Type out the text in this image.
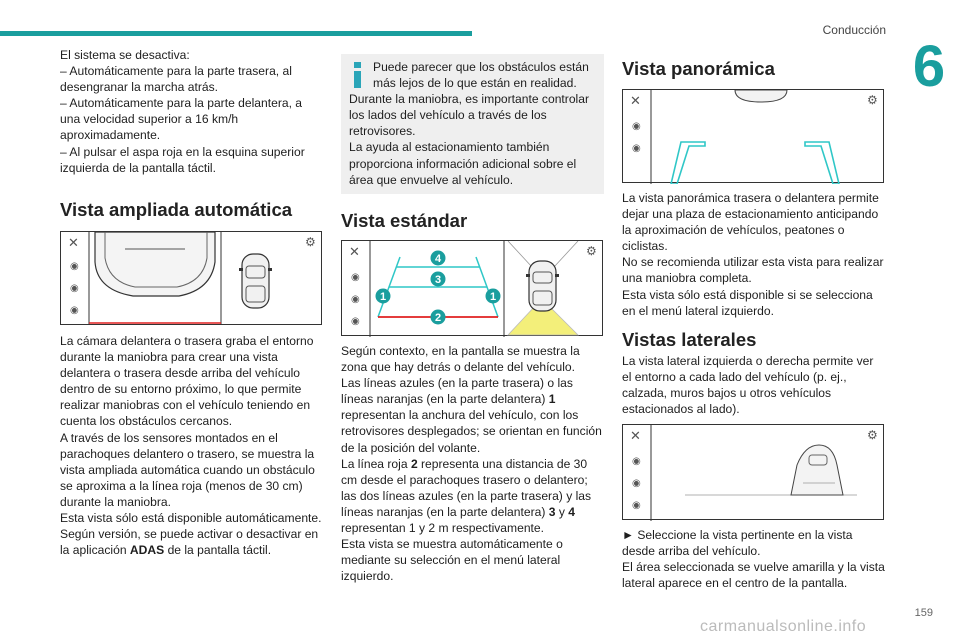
Conducción
6

El sistema se desactiva:

– Automáticamente para la parte trasera, al desengranar la marcha atrás.

– Automáticamente para la parte delantera, a una velocidad superior a 16 km/h aproximadamente.

– Al pulsar el aspa roja en la esquina superior izquierda de la pantalla táctil.

Vista ampliada automática
✕
◉
◉
◉
⚙

La cámara delantera o trasera graba el entorno durante la maniobra para crear una vista delantera o trasera desde arriba del vehículo dentro de su entorno próximo, lo que permite realizar maniobras con el vehículo teniendo en cuenta los obstáculos cercanos.

A través de los sensores montados en el parachoques delantero o trasero, se muestra la vista ampliada automática cuando un obstáculo se aproxima a la línea roja (menos de 30 cm) durante la maniobra.

Esta vista sólo está disponible automáticamente.

Según versión, se puede activar o desactivar en la aplicación ADAS de la pantalla táctil.

Puede parecer que los obstáculos están más lejos de lo que están en realidad.

Durante la maniobra, es importante controlar los lados del vehículo a través de los retrovisores.

La ayuda al estacionamiento también proporciona información adicional sobre el área que envuelve al vehículo.

Vista estándar
✕
◉
◉
◉
⚙
4
3
1	1
2

Según contexto, en la pantalla se muestra la zona que hay detrás o delante del vehículo.

Las líneas azules (en la parte trasera) o las líneas naranjas (en la parte delantera) 1 representan la anchura del vehículo, con los retrovisores desplegados; se orientan en función de la posición del volante.

La línea roja 2 representa una distancia de 30 cm desde el parachoques trasero o delantero; las dos líneas azules (en la parte trasera) y las líneas naranjas (en la parte delantera) 3 y 4 representan 1 y 2 m respectivamente.

Esta vista se muestra automáticamente o mediante su selección en el menú lateral izquierdo.

Vista panorámica
✕
◉
◉
⚙

La vista panorámica trasera o delantera permite dejar una plaza de estacionamiento anticipando la aproximación de vehículos, peatones o ciclistas.

No se recomienda utilizar esta vista para realizar una maniobra completa.

Esta vista sólo está disponible si se selecciona en el menú lateral izquierdo.

Vistas laterales

La vista lateral izquierda o derecha permite ver el entorno a cada lado del vehículo (p. ej., calzada, muros bajos u otros vehículos estacionados al lado).

✕
◉
◉
◉
⚙

► Seleccione la vista pertinente en la vista desde arriba del vehículo.

El área seleccionada se vuelve amarilla y la vista lateral aparece en el centro de la pantalla.

159
carmanualsonline.info
